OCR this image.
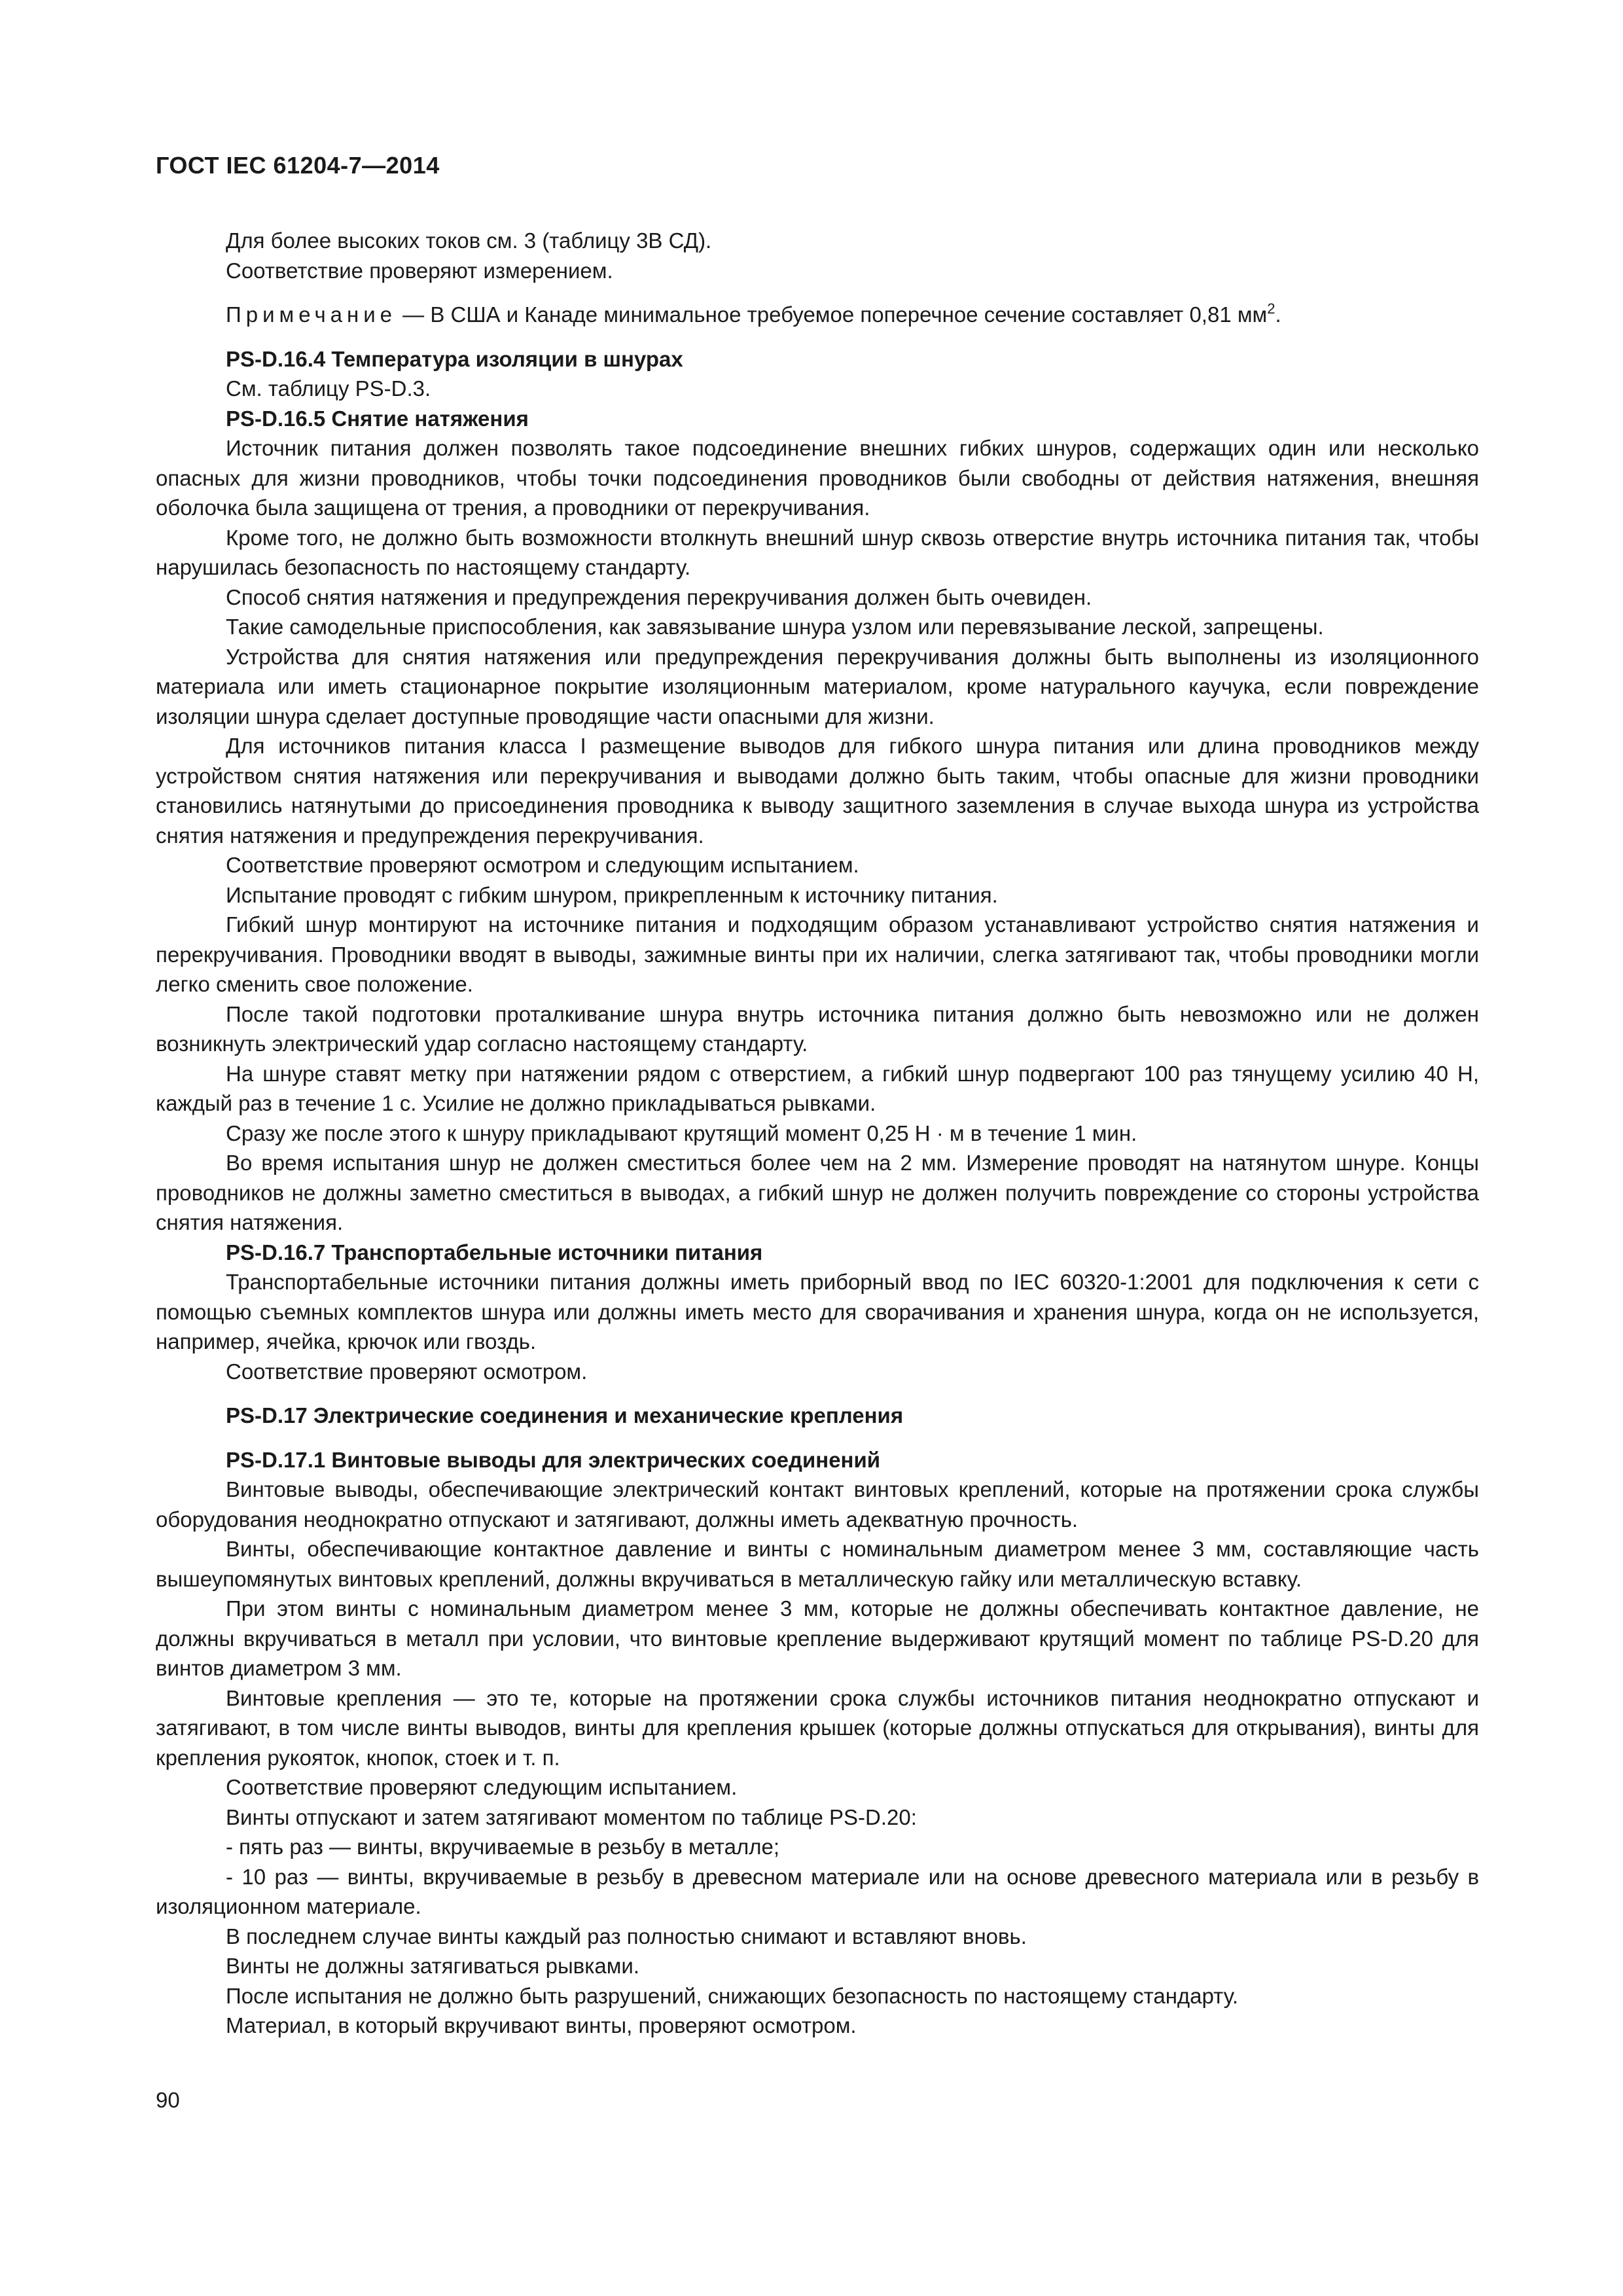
ГОСТ IEC 61204-7—2014

Для более высоких токов см. 3 (таблицу 3В СД).

Соответствие проверяют измерением.

Примечание — В США и Канаде минимальное требуемое поперечное сечение составляет 0,81 $мм^2$.

PS-D.16.4 Температура изоляции в шнурах

См. таблицу PS-D.3.

PS-D.16.5 Снятие натяжения

Источник питания должен позволять такое подсоединение внешних гибких шнуров, содержащих один или несколько опасных для жизни проводников, чтобы точки подсоединения проводников были свободны от действия натяжения, внешняя оболочка была защищена от трения, а проводники от перекручивания.

Кроме того, не должно быть возможности втолкнуть внешний шнур сквозь отверстие внутрь источника питания так, чтобы нарушилась безопасность по настоящему стандарту.

Способ снятия натяжения и предупреждения перекручивания должен быть очевиден.

Такие самодельные приспособления, как завязывание шнура узлом или перевязывание леской, запрещены.

Устройства для снятия натяжения или предупреждения перекручивания должны быть выполнены из изоляционного материала или иметь стационарное покрытие изоляционным материалом, кроме натурального каучука, если повреждение изоляции шнура сделает доступные проводящие части опасными для жизни.

Для источников питания класса I размещение выводов для гибкого шнура питания или длина проводников между устройством снятия натяжения или перекручивания и выводами должно быть таким, чтобы опасные для жизни проводники становились натянутыми до присоединения проводника к выводу защитного заземления в случае выхода шнура из устройства снятия натяжения и предупреждения перекручивания.

Соответствие проверяют осмотром и следующим испытанием.

Испытание проводят с гибким шнуром, прикрепленным к источнику питания.

Гибкий шнур монтируют на источнике питания и подходящим образом устанавливают устройство снятия натяжения и перекручивания. Проводники вводят в выводы, зажимные винты при их наличии, слегка затягивают так, чтобы проводники могли легко сменить свое положение.

После такой подготовки проталкивание шнура внутрь источника питания должно быть невозможно или не должен возникнуть электрический удар согласно настоящему стандарту.

На шнуре ставят метку при натяжении рядом с отверстием, а гибкий шнур подвергают 100 раз тянущему усилию 40 Н, каждый раз в течение 1 с. Усилие не должно прикладываться рывками.

Сразу же после этого к шнуру прикладывают крутящий момент 0,25 Н · м в течение 1 мин.

Во время испытания шнур не должен сместиться более чем на 2 мм. Измерение проводят на натянутом шнуре. Концы проводников не должны заметно сместиться в выводах, а гибкий шнур не должен получить повреждение со стороны устройства снятия натяжения.

PS-D.16.7 Транспортабельные источники питания

Транспортабельные источники питания должны иметь приборный ввод по IEC 60320-1:2001 для подключения к сети с помощью съемных комплектов шнура или должны иметь место для сворачивания и хранения шнура, когда он не используется, например, ячейка, крючок или гвоздь.

Соответствие проверяют осмотром.

PS-D.17 Электрические соединения и механические крепления

PS-D.17.1 Винтовые выводы для электрических соединений

Винтовые выводы, обеспечивающие электрический контакт винтовых креплений, которые на протяжении срока службы оборудования неоднократно отпускают и затягивают, должны иметь адекватную прочность.

Винты, обеспечивающие контактное давление и винты с номинальным диаметром менее 3 мм, составляющие часть вышеупомянутых винтовых креплений, должны вкручиваться в металлическую гайку или металлическую вставку.

При этом винты с номинальным диаметром менее 3 мм, которые не должны обеспечивать контактное давление, не должны вкручиваться в металл при условии, что винтовые крепление выдерживают крутящий момент по таблице PS-D.20 для винтов диаметром 3 мм.

Винтовые крепления — это те, которые на протяжении срока службы источников питания неоднократно отпускают и затягивают, в том числе винты выводов, винты для крепления крышек (которые должны отпускаться для открывания), винты для крепления рукояток, кнопок, стоек и т. п.

Соответствие проверяют следующим испытанием.

Винты отпускают и затем затягивают моментом по таблице PS-D.20:

- пять раз — винты, вкручиваемые в резьбу в металле;

- 10 раз — винты, вкручиваемые в резьбу в древесном материале или на основе древесного материала или в резьбу в изоляционном материале.

В последнем случае винты каждый раз полностью снимают и вставляют вновь.

Винты не должны затягиваться рывками.

После испытания не должно быть разрушений, снижающих безопасность по настоящему стандарту.

Материал, в который вкручивают винты, проверяют осмотром.

90
